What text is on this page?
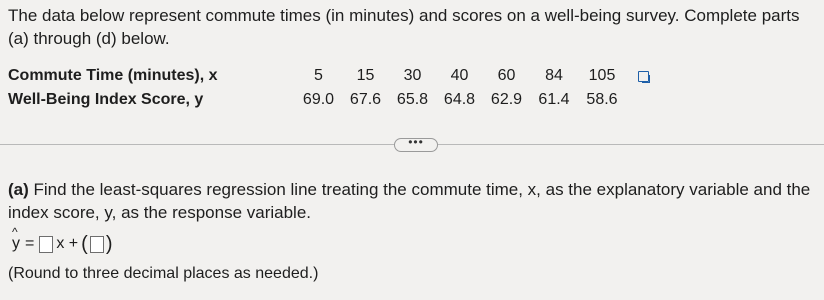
The data below represent commute times (in minutes) and scores on a well-being survey. Complete parts (a) through (d) below.

Commute Time (minutes), x	5	15	30	40	60	84	105
Well-Being Index Score, y	69.0	67.6	65.8	64.8	62.9	61.4	58.6
•••

(a) Find the least-squares regression line treating the commute time, x, as the explanatory variable and the index score, y, as the response variable.

^
y = x + ( )

(Round to three decimal places as needed.)
